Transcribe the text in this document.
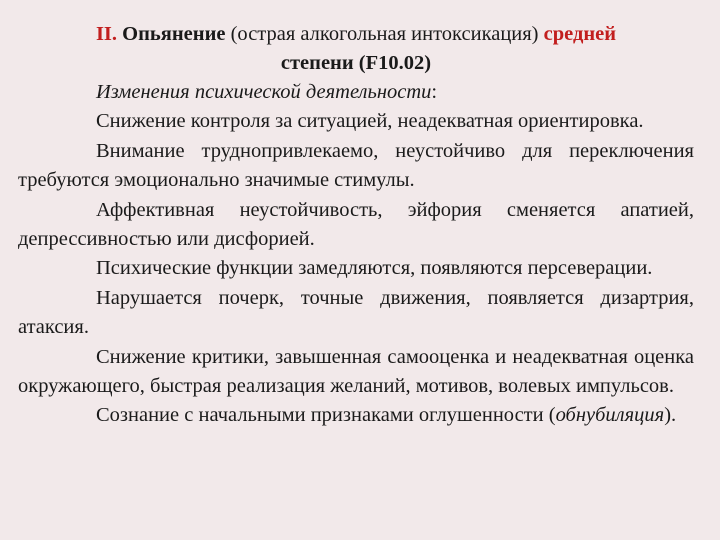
II. Опьянение (острая алкогольная интоксикация) средней
степени (F10.02)

Изменения психической деятельности:

Снижение контроля за ситуацией, неадекватная ориентировка.

Внимание труднопривлекаемо, неустойчиво для переключения требуются эмоционально значимые стимулы.

Аффективная неустойчивость, эйфория сменяется апатией, депрессивностью или дисфорией.

Психические функции замедляются, появляются персеверации.

Нарушается почерк, точные движения, появляется дизартрия, атаксия.

Снижение критики, завышенная самооценка и неадекватная оценка окружающего, быстрая реализация желаний, мотивов, волевых импульсов.

Сознание с начальными признаками оглушенности (обнубиляция).
